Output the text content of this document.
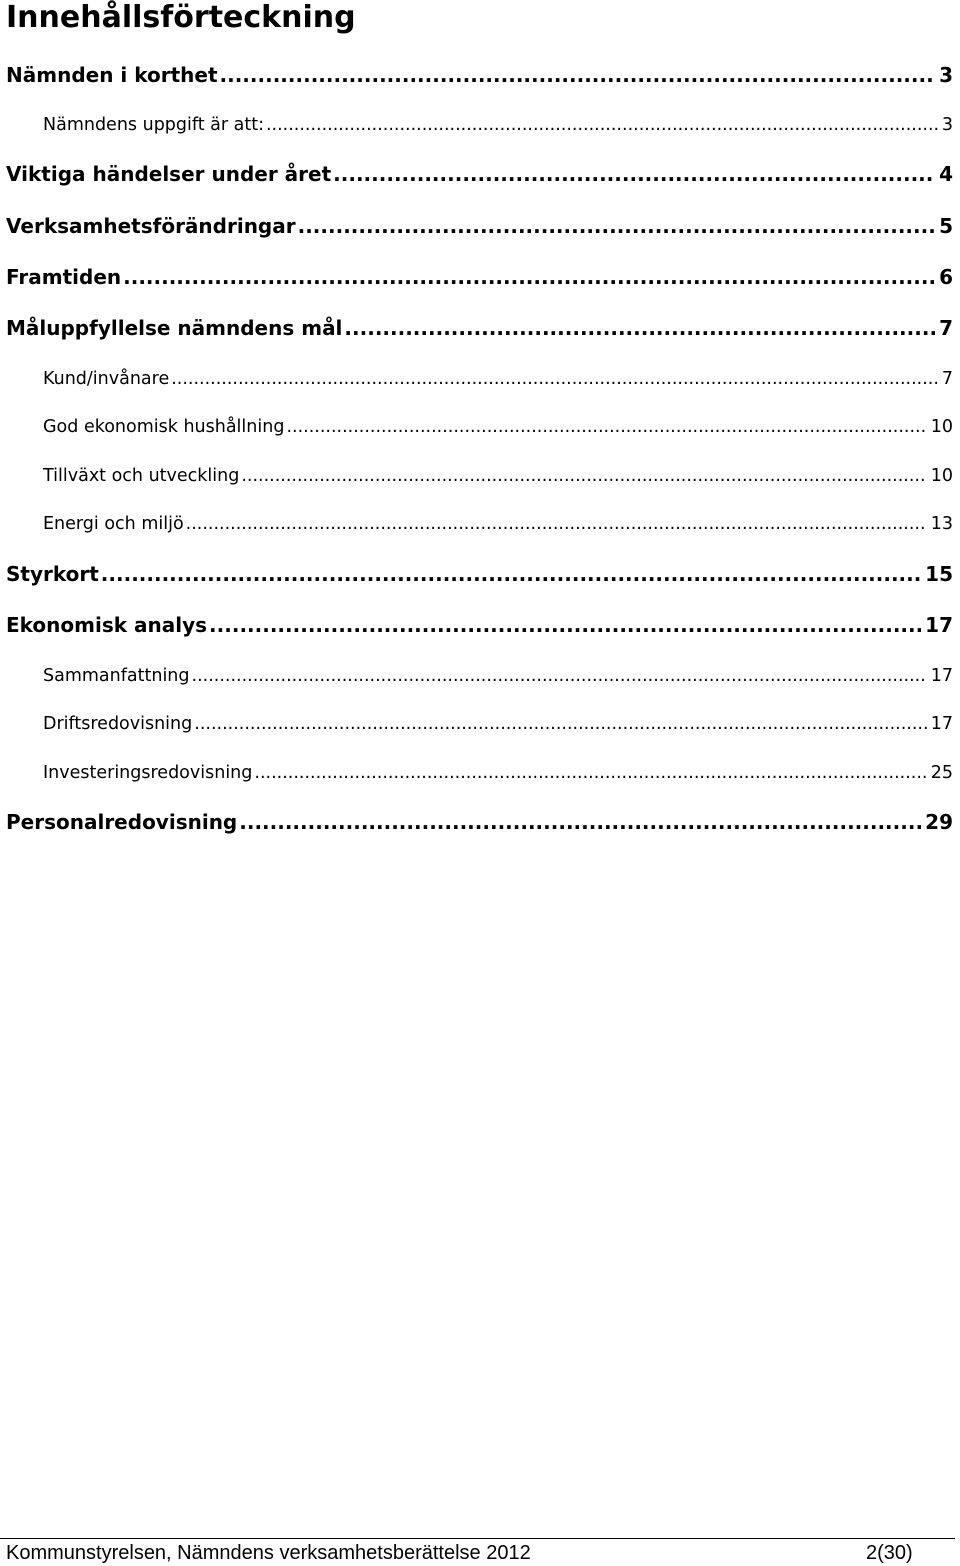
Innehållsförteckning
Nämnden i korthet .....	3
Nämndens uppgift är att: .....	3
Viktiga händelser under året .....	4
Verksamhetsförändringar .....	5
Framtiden .....	6
Måluppfyllelse nämndens mål .....	7
Kund/invånare .....	7
God ekonomisk hushållning .....	10
Tillväxt och utveckling .....	10
Energi och miljö .....	13
Styrkort .....	15
Ekonomisk analys .....	17
Sammanfattning .....	17
Driftsredovisning .....	17
Investeringsredovisning .....	25
Personalredovisning .....	29
Kommunstyrelsen, Nämndens verksamhetsberättelse 2012	2(30)
